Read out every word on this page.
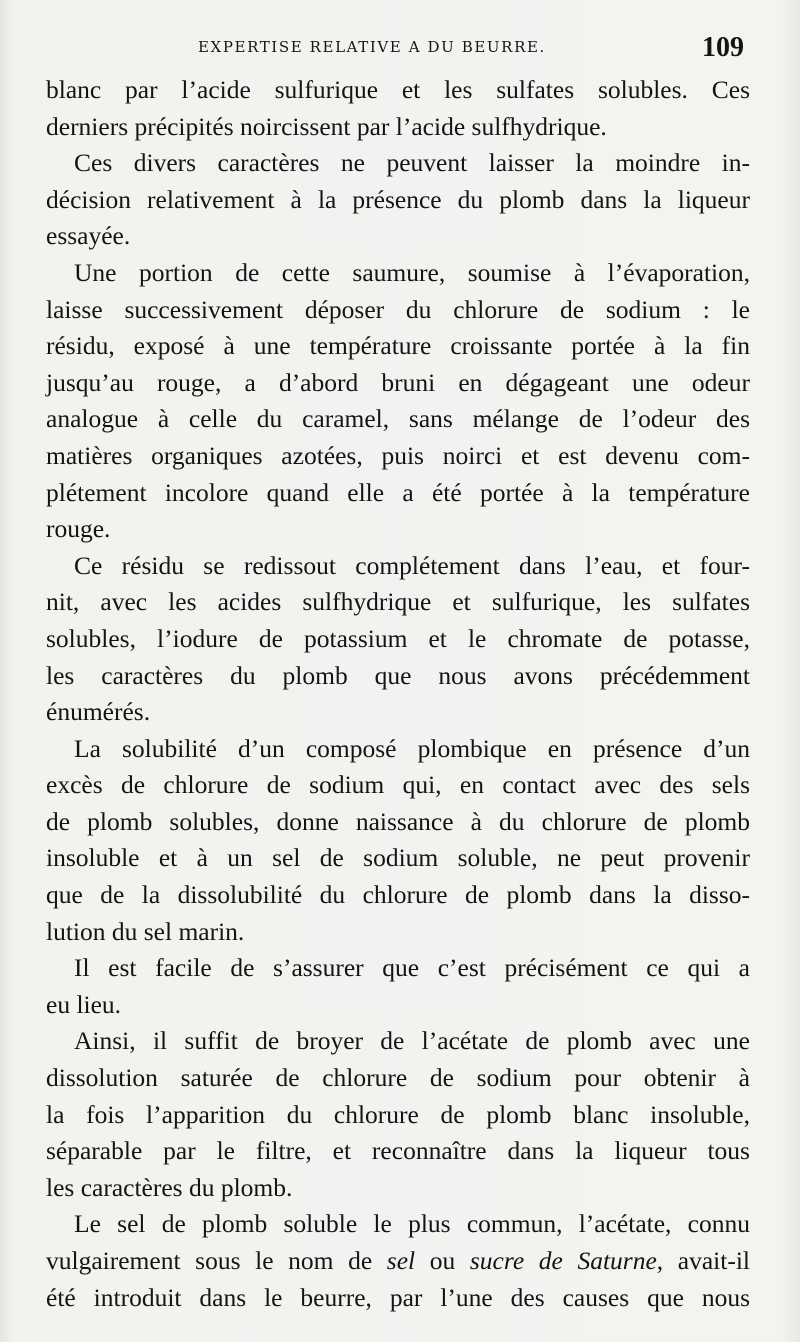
EXPERTISE RELATIVE A DU BEURRE.	109
blanc par l’acide sulfurique et les sulfates solubles. Ces
derniers précipités noircissent par l’acide sulfhydrique.
Ces divers caractères ne peuvent laisser la moindre in-
décision relativement à la présence du plomb dans la liqueur
essayée.
Une portion de cette saumure, soumise à l’évaporation,
laisse successivement déposer du chlorure de sodium : le
résidu, exposé à une température croissante portée à la fin
jusqu’au rouge, a d’abord bruni en dégageant une odeur
analogue à celle du caramel, sans mélange de l’odeur des
matières organiques azotées, puis noirci et est devenu com-
plétement incolore quand elle a été portée à la température
rouge.
Ce résidu se redissout complétement dans l’eau, et four-
nit, avec les acides sulfhydrique et sulfurique, les sulfates
solubles, l’iodure de potassium et le chromate de potasse,
les caractères du plomb que nous avons précédemment
énumérés.
La solubilité d’un composé plombique en présence d’un
excès de chlorure de sodium qui, en contact avec des sels
de plomb solubles, donne naissance à du chlorure de plomb
insoluble et à un sel de sodium soluble, ne peut provenir
que de la dissolubilité du chlorure de plomb dans la disso-
lution du sel marin.
Il est facile de s’assurer que c’est précisément ce qui a
eu lieu.
Ainsi, il suffit de broyer de l’acétate de plomb avec une
dissolution saturée de chlorure de sodium pour obtenir à
la fois l’apparition du chlorure de plomb blanc insoluble,
séparable par le filtre, et reconnaître dans la liqueur tous
les caractères du plomb.
Le sel de plomb soluble le plus commun, l’acétate, connu
vulgairement sous le nom de sel ou sucre de Saturne, avait-il
été introduit dans le beurre, par l’une des causes que nous
